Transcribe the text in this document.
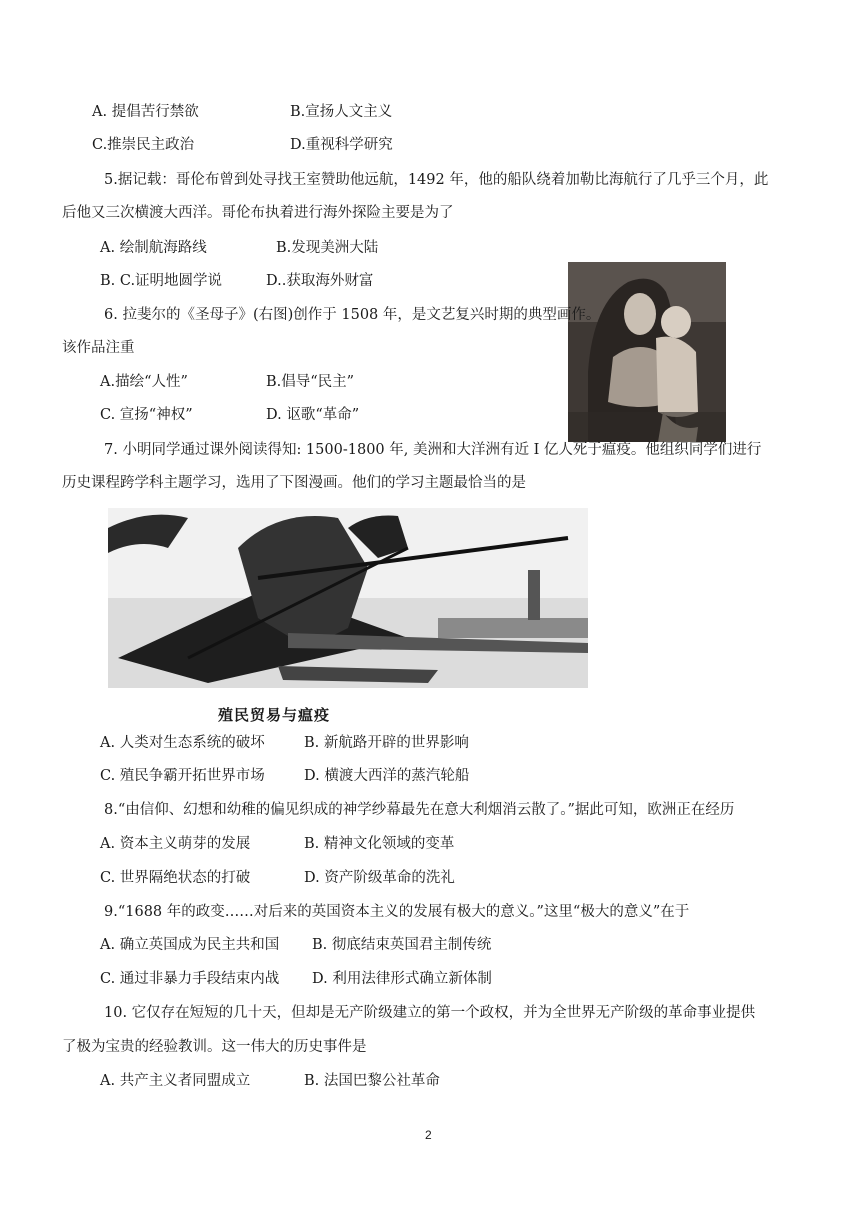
A. 提倡苦行禁欲	B.宣扬人文主义
C.推崇民主政治	D.重视科学研究
5.据记载：哥伦布曾到处寻找王室赞助他远航，1492 年，他的船队绕着加勒比海航行了几乎三个月，此
后他又三次横渡大西洋。哥伦布执着进行海外探险主要是为了
A. 绘制航海路线	B.发现美洲大陆
B. C.证明地圆学说	D..获取海外财富
6. 拉斐尔的《圣母子》(右图)创作于 1508 年，是文艺复兴时期的典型画作。
该作品注重
A.描绘“人性”	B.倡导“民主”
C. 宣扬“神权”	D. 讴歌“革命”
7. 小明同学通过课外阅读得知: 1500-1800 年, 美洲和大洋洲有近 I 亿人死于瘟疫。他组织同学们进行
历史课程跨学科主题学习，选用了下图漫画。他们的学习主题最恰当的是
殖民贸易与瘟疫
A. 人类对生态系统的破坏	B. 新航路开辟的世界影响
C. 殖民争霸开拓世界市场	D. 横渡大西洋的蒸汽轮船
8.“由信仰、幻想和幼稚的偏见织成的神学纱幕最先在意大利烟消云散了。”据此可知，欧洲正在经历
A. 资本主义萌芽的发展	B. 精神文化领域的变革
C. 世界隔绝状态的打破	D. 资产阶级革命的洗礼
9.“1688 年的政变……对后来的英国资本主义的发展有极大的意义。”这里“极大的意义”在于
A. 确立英国成为民主共和国 B. 彻底结束英国君主制传统
C. 通过非暴力手段结束内战 D. 利用法律形式确立新体制
10. 它仅存在短短的几十天，但却是无产阶级建立的第一个政权，并为全世界无产阶级的革命事业提供
了极为宝贵的经验教训。这一伟大的历史事件是
A. 共产主义者同盟成立	B. 法国巴黎公社革命
2
